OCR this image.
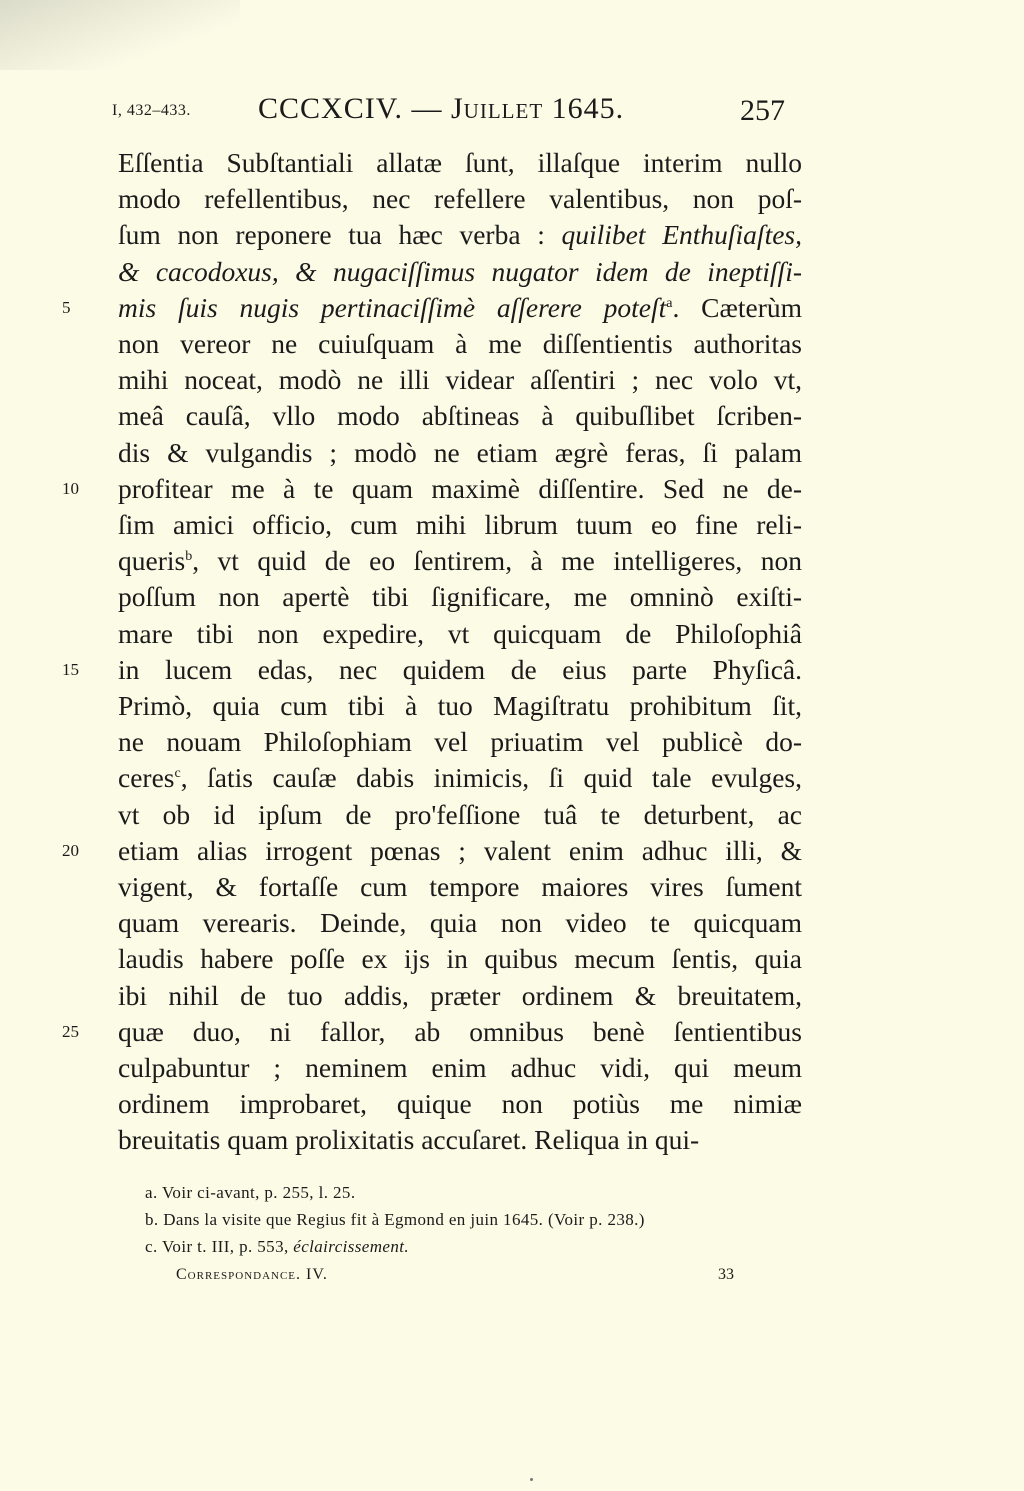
I, 432–433. CCCXCIV. — Juillet 1645.	257
Eſſentia Subſtantiali allatæ ſunt, illaſque interim nullo
modo refellentibus, nec refellere valentibus, non poſ-
ſum non reponere tua hæc verba : quilibet Enthuſiaſtes,
& cacodoxus, & nugaciſſimus nugator idem de ineptiſſi-
5	mis ſuis nugis pertinaciſſimè aſſerere poteſt$^a$. Cæterùm
non vereor ne cuiuſquam à me diſſentientis authoritas
mihi noceat, modò ne illi videar aſſentiri ; nec volo vt,
meâ cauſâ, vllo modo abſtineas à quibuſlibet ſcriben-
dis & vulgandis ; modò ne etiam ægrè feras, ſi palam
10	profitear me à te quam maximè diſſentire. Sed ne de-
ſim amici officio, cum mihi librum tuum eo fine reli-
queris$^b$, vt quid de eo ſentirem, à me intelligeres, non
poſſum non apertè tibi ſignificare, me omninò exiſti-
mare tibi non expedire, vt quicquam de Philoſophiâ
15	in lucem edas, nec quidem de eius parte Phyſicâ.
Primò, quia cum tibi à tuo Magiſtratu prohibitum ſit,
ne nouam Philoſophiam vel priuatim vel publicè do-
ceres$^c$, ſatis cauſæ dabis inimicis, ſi quid tale evulges,
vt ob id ipſum de pro'feſſione tuâ te deturbent, ac
20	etiam alias irrogent pœnas ; valent enim adhuc illi, &
vigent, & fortaſſe cum tempore maiores vires ſument
quam verearis. Deinde, quia non video te quicquam
laudis habere poſſe ex ijs in quibus mecum ſentis, quia
ibi nihil de tuo addis, præter ordinem & breuitatem,
25	quæ duo, ni fallor, ab omnibus benè ſentientibus
culpabuntur ; neminem enim adhuc vidi, qui meum
ordinem improbaret, quique non potiùs me nimiæ
breuitatis quam prolixitatis accuſaret. Reliqua in qui-
a. Voir ci-avant, p. 255, l. 25.
b. Dans la visite que Regius fit à Egmond en juin 1645. (Voir p. 238.)
c. Voir t. III, p. 553, éclaircissement.
Correspondance. IV.	33
